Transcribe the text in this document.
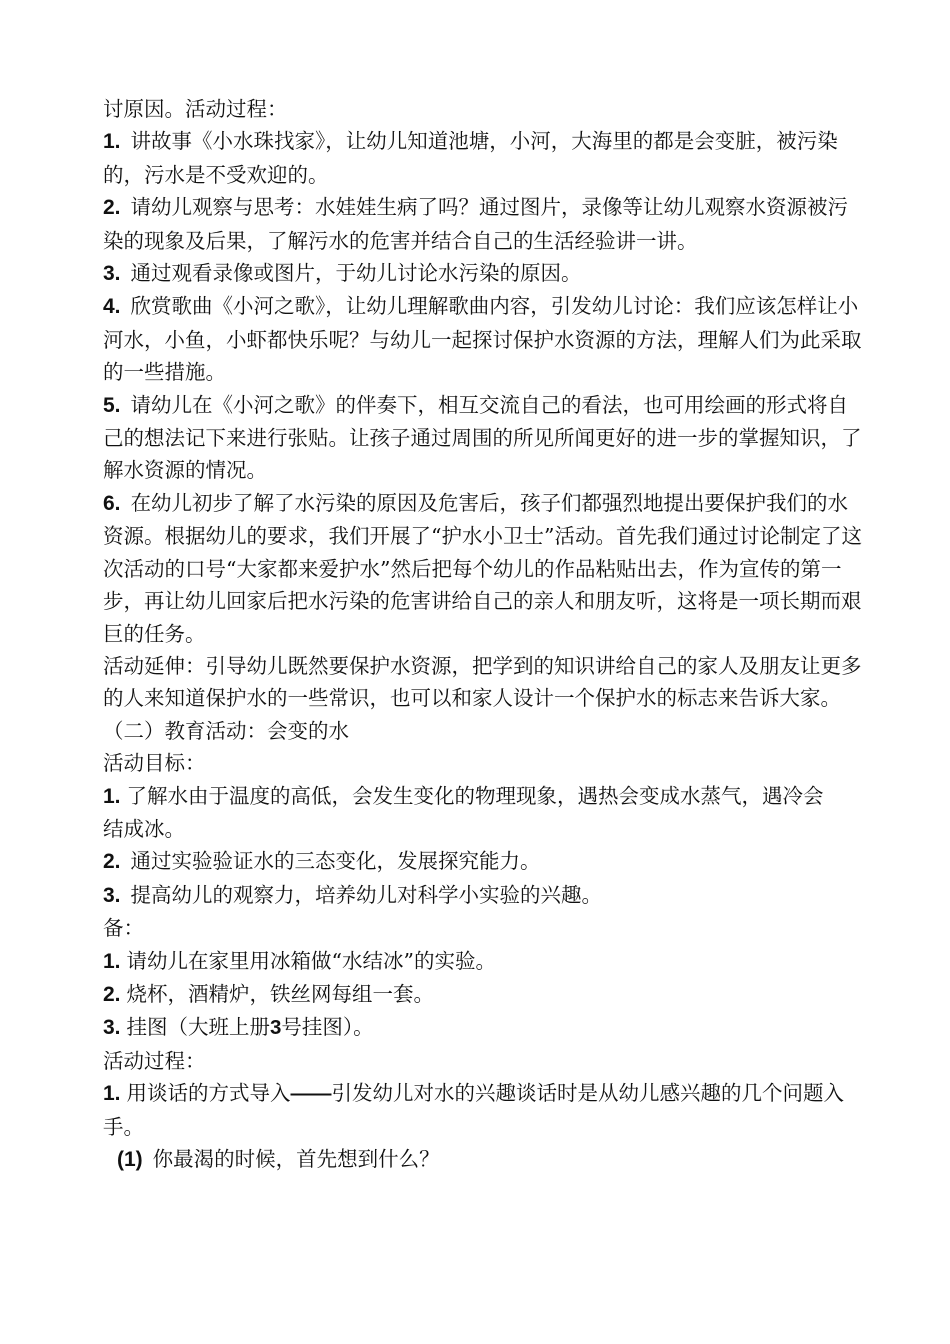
讨原因。活动过程：

1. 讲故事《小水珠找家》，让幼儿知道池塘，小河，大海里的都是会变脏，被污染的，污水是不受欢迎的。

2. 请幼儿观察与思考：水娃娃生病了吗？通过图片，录像等让幼儿观察水资源被污染的现象及后果，了解污水的危害并结合自己的生活经验讲一讲。

3. 通过观看录像或图片，于幼儿讨论水污染的原因。

4. 欣赏歌曲《小河之歌》，让幼儿理解歌曲内容，引发幼儿讨论：我们应该怎样让小河水，小鱼，小虾都快乐呢？与幼儿一起探讨保护水资源的方法，理解人们为此采取的一些措施。

5. 请幼儿在《小河之歌》的伴奏下，相互交流自己的看法，也可用绘画的形式将自己的想法记下来进行张贴。让孩子通过周围的所见所闻更好的进一步的掌握知识，了解水资源的情况。

6. 在幼儿初步了解了水污染的原因及危害后，孩子们都强烈地提出要保护我们的水资源。根据幼儿的要求，我们开展了“护水小卫士”活动。首先我们通过讨论制定了这次活动的口号“大家都来爱护水”然后把每个幼儿的作品粘贴出去，作为宣传的第一步，再让幼儿回家后把水污染的危害讲给自己的亲人和朋友听，这将是一项长期而艰巨的任务。

活动延伸：引导幼儿既然要保护水资源，把学到的知识讲给自己的家人及朋友让更多的人来知道保护水的一些常识，也可以和家人设计一个保护水的标志来告诉大家。

（二）教育活动：会变的水

活动目标：

1. 了解水由于温度的高低，会发生变化的物理现象，遇热会变成水蒸气，遇冷会

结成冰。

2. 通过实验验证水的三态变化，发展探究能力。

3. 提高幼儿的观察力，培养幼儿对科学小实验的兴趣。

备：

1. 请幼儿在家里用冰箱做“水结冰”的实验。

2. 烧杯，酒精炉，铁丝网每组一套。

3. 挂图（大班上册3号挂图）。

活动过程：

1. 用谈话的方式导入——引发幼儿对水的兴趣谈话时是从幼儿感兴趣的几个问题入手。

(1) 你最渴的时候，首先想到什么？
